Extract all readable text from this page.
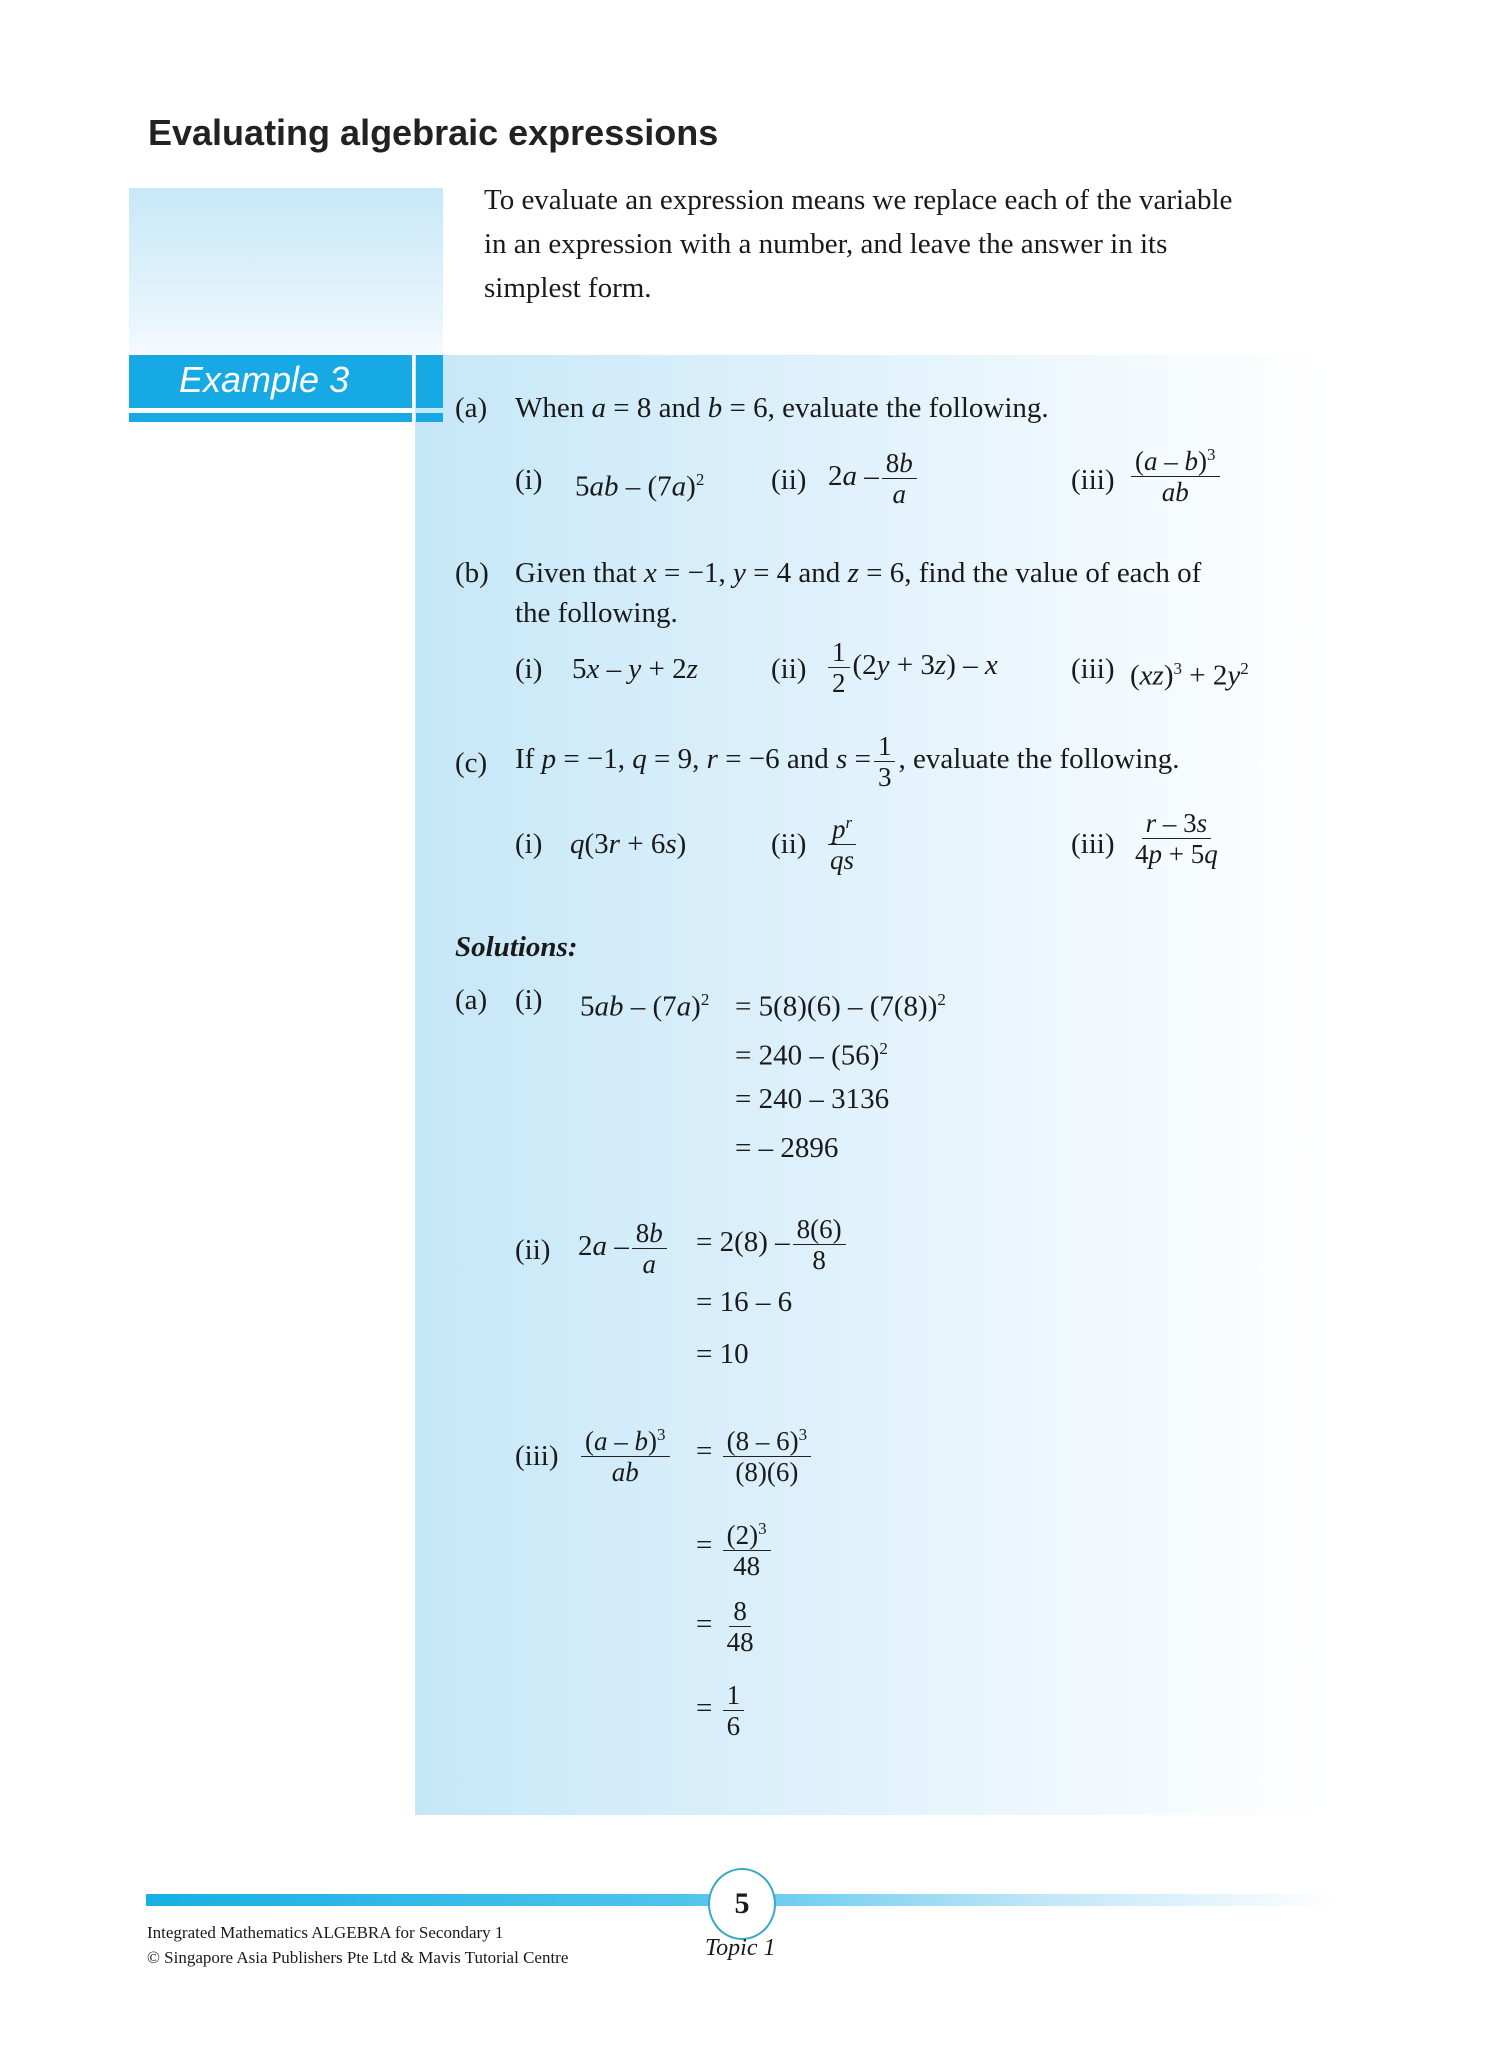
Evaluating algebraic expressions
To evaluate an expression means we replace each of the variable
in an expression with a number, and leave the answer in its
simplest form.
Example 3
(a) When a = 8 and b = 6, evaluate the following.
(i) $5ab - (7a)^2$ (ii) $2a - \frac{8b}{a}$	$(iii) \frac{(a - b)^3}{ab}$
(b) Given that x = −1, y = 4 and z = 6, find the value of each of
the following.
(i) 5x – y + 2z	$(ii) \frac{1}{2} (2y + 3z) - x$	(iii) $(xz)^3 + 2y^2$
(c) If p = −1, q = 9, r = −6 and $s = \frac{1}{3}$ , evaluate the following.
(i) q(3r + 6s)	$(ii) \frac{p^r}{qs}$	$(iii) \frac{r - 3s}{4p + 5q}$
Solutions:
(a) (i) $5ab - (7a)^2 = 5(8)(6) - (7(8))^2$
= $240 - (56)^2$
= 240 – 3136
= – 2896
(ii) $2a - \frac{8b}{a} = 2(8) - \frac{8(6)}{8}$
= 16 – 6
= 10
$(iii) \frac{(a - b)^3}{ab} = \frac{(8 - 6)^3}{(8)(6)}$
= $\frac{(2)^3}{48}$
= $\frac{8}{48}$
= $\frac{1}{6}$
5
Integrated Mathematics ALGEBRA for Secondary 1
© Singapore Asia Publishers Pte Ltd & Mavis Tutorial Centre	Topic 1
